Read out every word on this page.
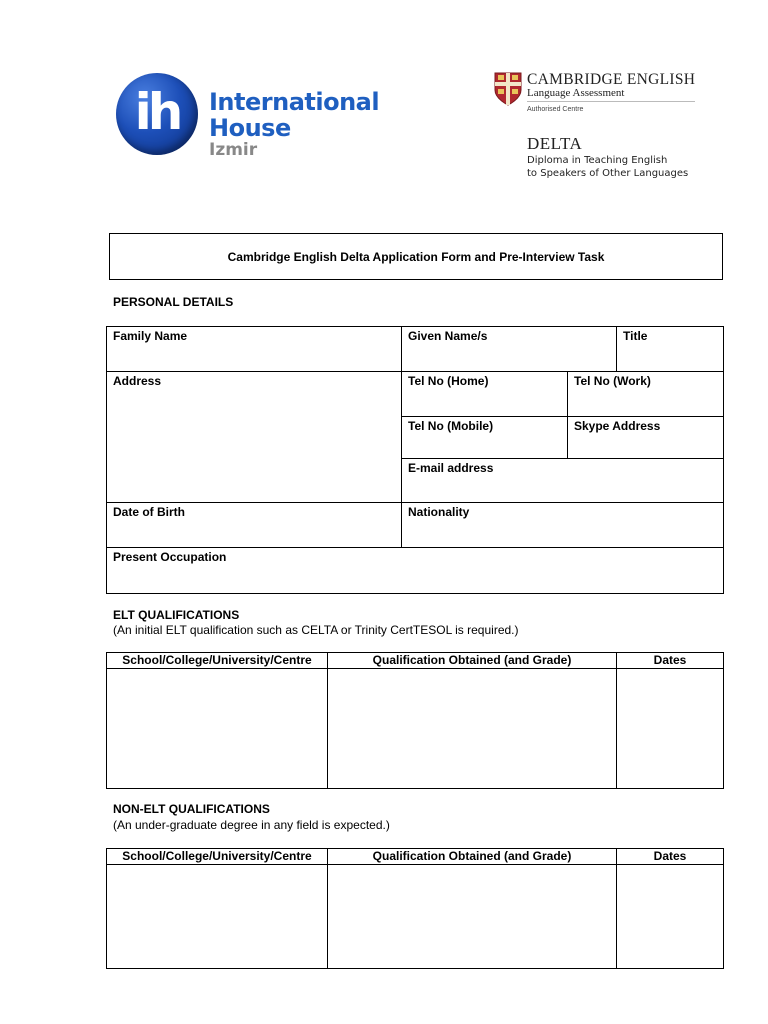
ih	International
House
Izmir
CAMBRIDGE ENGLISH
Language Assessment
Authorised Centre
DELTA
Diploma in Teaching English
to Speakers of Other Languages
Cambridge English Delta Application Form and Pre-Interview Task
PERSONAL DETAILS
Family Name	Given Name/s	Title
Address	Tel No (Home)	Tel No (Work)
Tel No (Mobile)	Skype Address
E-mail address
Date of Birth	Nationality
Present Occupation
ELT QUALIFICATIONS
(An initial ELT qualification such as CELTA or Trinity CertTESOL is required.)
School/College/University/Centre	Qualification Obtained (and Grade)	Dates
NON-ELT QUALIFICATIONS
(An under-graduate degree in any field is expected.)
School/College/University/Centre	Qualification Obtained (and Grade)	Dates
